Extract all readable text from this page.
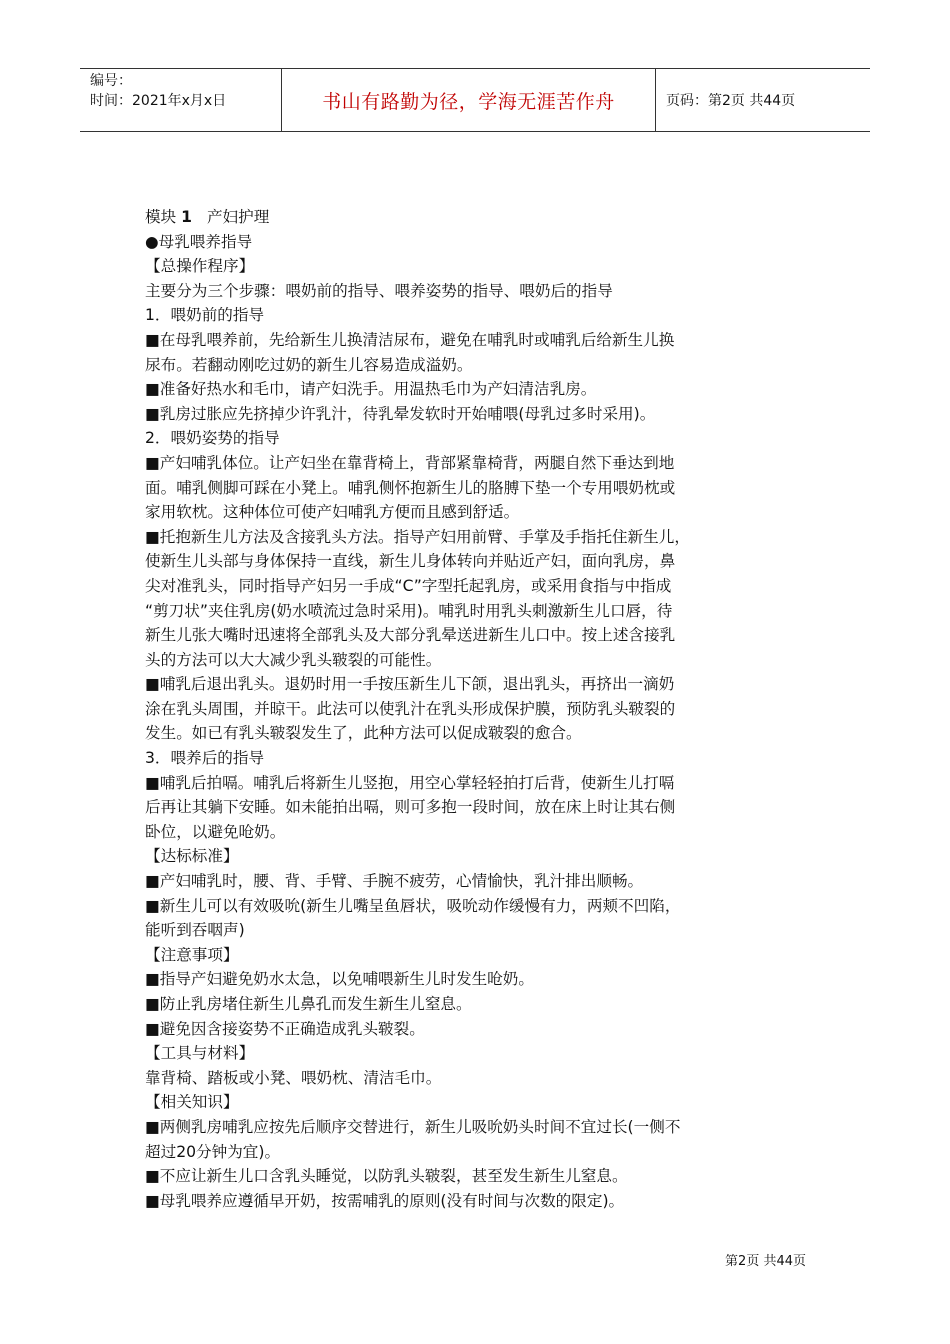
编号：
时间：2021年x月x日	书山有路勤为径，学海无涯苦作舟	页码：第2页 共44页
模块 1 产妇护理
●母乳喂养指导
【总操作程序】
主要分为三个步骤：喂奶前的指导、喂养姿势的指导、喂奶后的指导
1．喂奶前的指导
■在母乳喂养前，先给新生儿换清洁尿布，避免在哺乳时或哺乳后给新生儿换
尿布。若翻动刚吃过奶的新生儿容易造成溢奶。
■准备好热水和毛巾，请产妇洗手。用温热毛巾为产妇清洁乳房。
■乳房过胀应先挤掉少许乳汁，待乳晕发软时开始哺喂(母乳过多时采用)。
2．喂奶姿势的指导
■产妇哺乳体位。让产妇坐在靠背椅上，背部紧靠椅背，两腿自然下垂达到地
面。哺乳侧脚可踩在小凳上。哺乳侧怀抱新生儿的胳膊下垫一个专用喂奶枕或
家用软枕。这种体位可使产妇哺乳方便而且感到舒适。
■托抱新生儿方法及含接乳头方法。指导产妇用前臂、手掌及手指托住新生儿，
使新生儿头部与身体保持一直线，新生儿身体转向并贴近产妇，面向乳房，鼻
尖对准乳头，同时指导产妇另一手成“C”字型托起乳房，或采用食指与中指成
“剪刀状”夹住乳房(奶水喷流过急时采用)。哺乳时用乳头刺激新生儿口唇，待
新生儿张大嘴时迅速将全部乳头及大部分乳晕送进新生儿口中。按上述含接乳
头的方法可以大大减少乳头皲裂的可能性。
■哺乳后退出乳头。退奶时用一手按压新生儿下颌，退出乳头，再挤出一滴奶
涂在乳头周围，并晾干。此法可以使乳汁在乳头形成保护膜，预防乳头皲裂的
发生。如已有乳头皲裂发生了，此种方法可以促成皲裂的愈合。
3．喂养后的指导
■哺乳后拍嗝。哺乳后将新生儿竖抱，用空心掌轻轻拍打后背，使新生儿打嗝
后再让其躺下安睡。如未能拍出嗝，则可多抱一段时间，放在床上时让其右侧
卧位，以避免呛奶。
【达标标准】
■产妇哺乳时，腰、背、手臂、手腕不疲劳，心情愉快，乳汁排出顺畅。
■新生儿可以有效吸吮(新生儿嘴呈鱼唇状，吸吮动作缓慢有力，两颊不凹陷，
能听到吞咽声)
【注意事项】
■指导产妇避免奶水太急，以免哺喂新生儿时发生呛奶。
■防止乳房堵住新生儿鼻孔而发生新生儿窒息。
■避免因含接姿势不正确造成乳头皲裂。
【工具与材料】
靠背椅、踏板或小凳、喂奶枕、清洁毛巾。
【相关知识】
■两侧乳房哺乳应按先后顺序交替进行，新生儿吸吮奶头时间不宜过长(一侧不
超过20分钟为宜)。
■不应让新生儿口含乳头睡觉，以防乳头皲裂，甚至发生新生儿窒息。
■母乳喂养应遵循早开奶，按需哺乳的原则(没有时间与次数的限定)。
第2页 共44页
